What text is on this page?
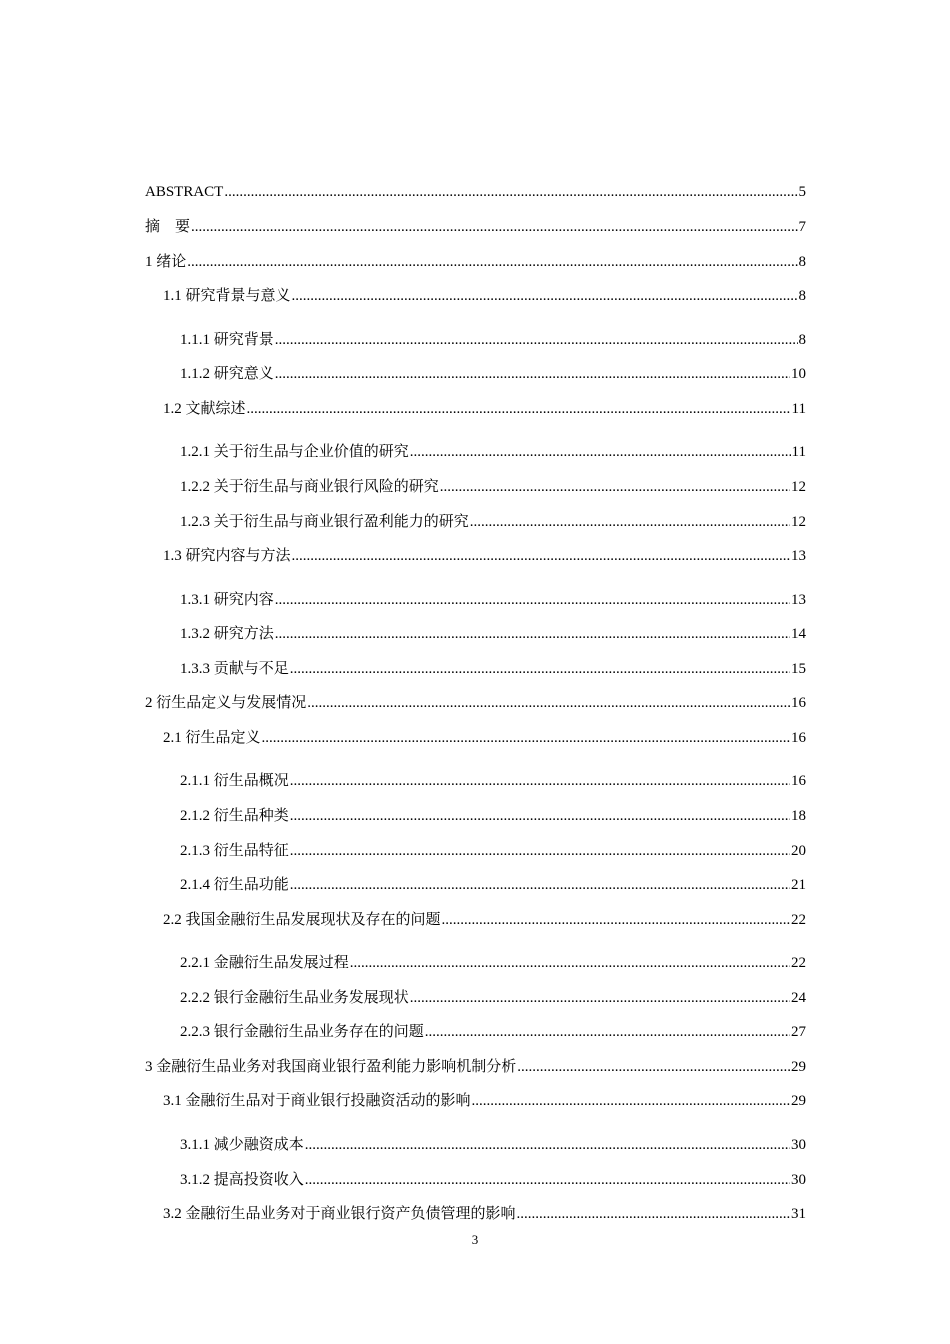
ABSTRACT .....	5
摘　要 .....	7
1 绪论 .....	8
1.1 研究背景与意义 .....	8
1.1.1 研究背景 .....	8
1.1.2 研究意义 .....	10
1.2 文献综述 .....	11
1.2.1 关于衍生品与企业价值的研究 .....	11
1.2.2 关于衍生品与商业银行风险的研究 .....	12
1.2.3 关于衍生品与商业银行盈利能力的研究 .....	12
1.3 研究内容与方法 .....	13
1.3.1 研究内容 .....	13
1.3.2 研究方法 .....	14
1.3.3 贡献与不足 .....	15
2 衍生品定义与发展情况 .....	16
2.1 衍生品定义 .....	16
2.1.1 衍生品概况 .....	16
2.1.2 衍生品种类 .....	18
2.1.3 衍生品特征 .....	20
2.1.4 衍生品功能 .....	21
2.2 我国金融衍生品发展现状及存在的问题 .....	22
2.2.1 金融衍生品发展过程 .....	22
2.2.2 银行金融衍生品业务发展现状 .....	24
2.2.3 银行金融衍生品业务存在的问题 .....	27
3 金融衍生品业务对我国商业银行盈利能力影响机制分析 .....	29
3.1 金融衍生品对于商业银行投融资活动的影响 .....	29
3.1.1 减少融资成本 .....	30
3.1.2 提高投资收入 .....	30
3.2 金融衍生品业务对于商业银行资产负债管理的影响 .....	31
3
